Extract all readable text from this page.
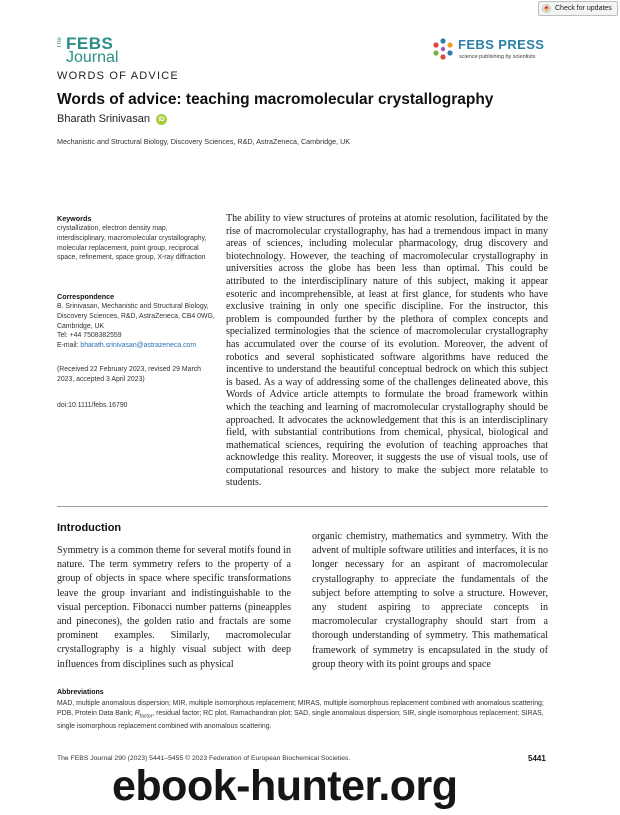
Check for updates
The FEBS
Journal
FEBS PRESS
science publishing by scientists
WORDS OF ADVICE
Words of advice: teaching macromolecular crystallography
Bharath Srinivasan	iD
Mechanistic and Structural Biology, Discovery Sciences, R&D, AstraZeneca, Cambridge, UK
Keywords
crystallization, electron density map, interdisciplinary, macromolecular crystallography, molecular replacement, point group, reciprocal space, refinement, space group, X-ray diffraction
Correspondence
B. Srinivasan, Mechanistic and Structural Biology, Discovery Sciences, R&D, AstraZeneca, CB4 0WG, Cambridge, UK
Tel: +44 7508382559
E-mail: bharath.srinivasan@astrazeneca.com
(Received 22 February 2023, revised 29 March 2023, accepted 3 April 2023)
doi:10.1111/febs.16790
The ability to view structures of proteins at atomic resolution, facilitated by the rise of macromolecular crystallography, has had a tremendous impact in many areas of sciences, including molecular pharmacology, drug discovery and biotechnology. However, the teaching of macromolecular crystallography in universities across the globe has been less than optimal. This could be attributed to the interdisciplinary nature of this subject, making it appear esoteric and incomprehensible, at least at first glance, for students who have exclusive training in only one specific discipline. For the instructor, this problem is compounded further by the plethora of complex concepts and specialized terminologies that the science of macromolecular crystallography has accumulated over the course of its evolution. Moreover, the advent of robotics and several sophisticated software algorithms have reduced the incentive to understand the beautiful conceptual bedrock on which this subject is based. As a way of addressing some of the challenges delineated above, this Words of Advice article attempts to formulate the broad framework within which the teaching and learning of macromolecular crystallography should be approached. It advocates the acknowledgement that this is an interdisciplinary field, with substantial contributions from chemical, physical, biological and mathematical sciences, requiring the evolution of teaching approaches that acknowledge this reality. Moreover, it suggests the use of visual tools, use of computational resources and history to make the subject more relatable to students.
Introduction
Symmetry is a common theme for several motifs found in nature. The term symmetry refers to the property of a group of objects in space where specific transformations leave the group invariant and indistinguishable to the visual perception. Fibonacci number patterns (pineapples and pinecones), the golden ratio and fractals are some prominent examples. Similarly, macromolecular crystallography is a highly visual subject with deep influences from disciplines such as physical
organic chemistry, mathematics and symmetry. With the advent of multiple software utilities and interfaces, it is no longer necessary for an aspirant of macromolecular crystallography to appreciate the fundamentals of the subject before attempting to solve a structure. However, any student aspiring to appreciate concepts in macromolecular crystallography should start from a thorough understanding of symmetry. This mathematical framework of symmetry is encapsulated in the study of group theory with its point groups and space
Abbreviations
MAD, multiple anomalous dispersion; MIR, multiple isomorphous replacement; MIRAS, multiple isomorphous replacement combined with anomalous scattering; PDB, Protein Data Bank; $R_{factor}$, residual factor; RC plot, Ramachandran plot; SAD, single anomalous dispersion; SIR, single isomorphous replacement; SIRAS, single isomorphous replacement combined with anomalous scattering.
The FEBS Journal 290 (2023) 5441–5455 © 2023 Federation of European Biochemical Societies.	5441
ebook-hunter.org
